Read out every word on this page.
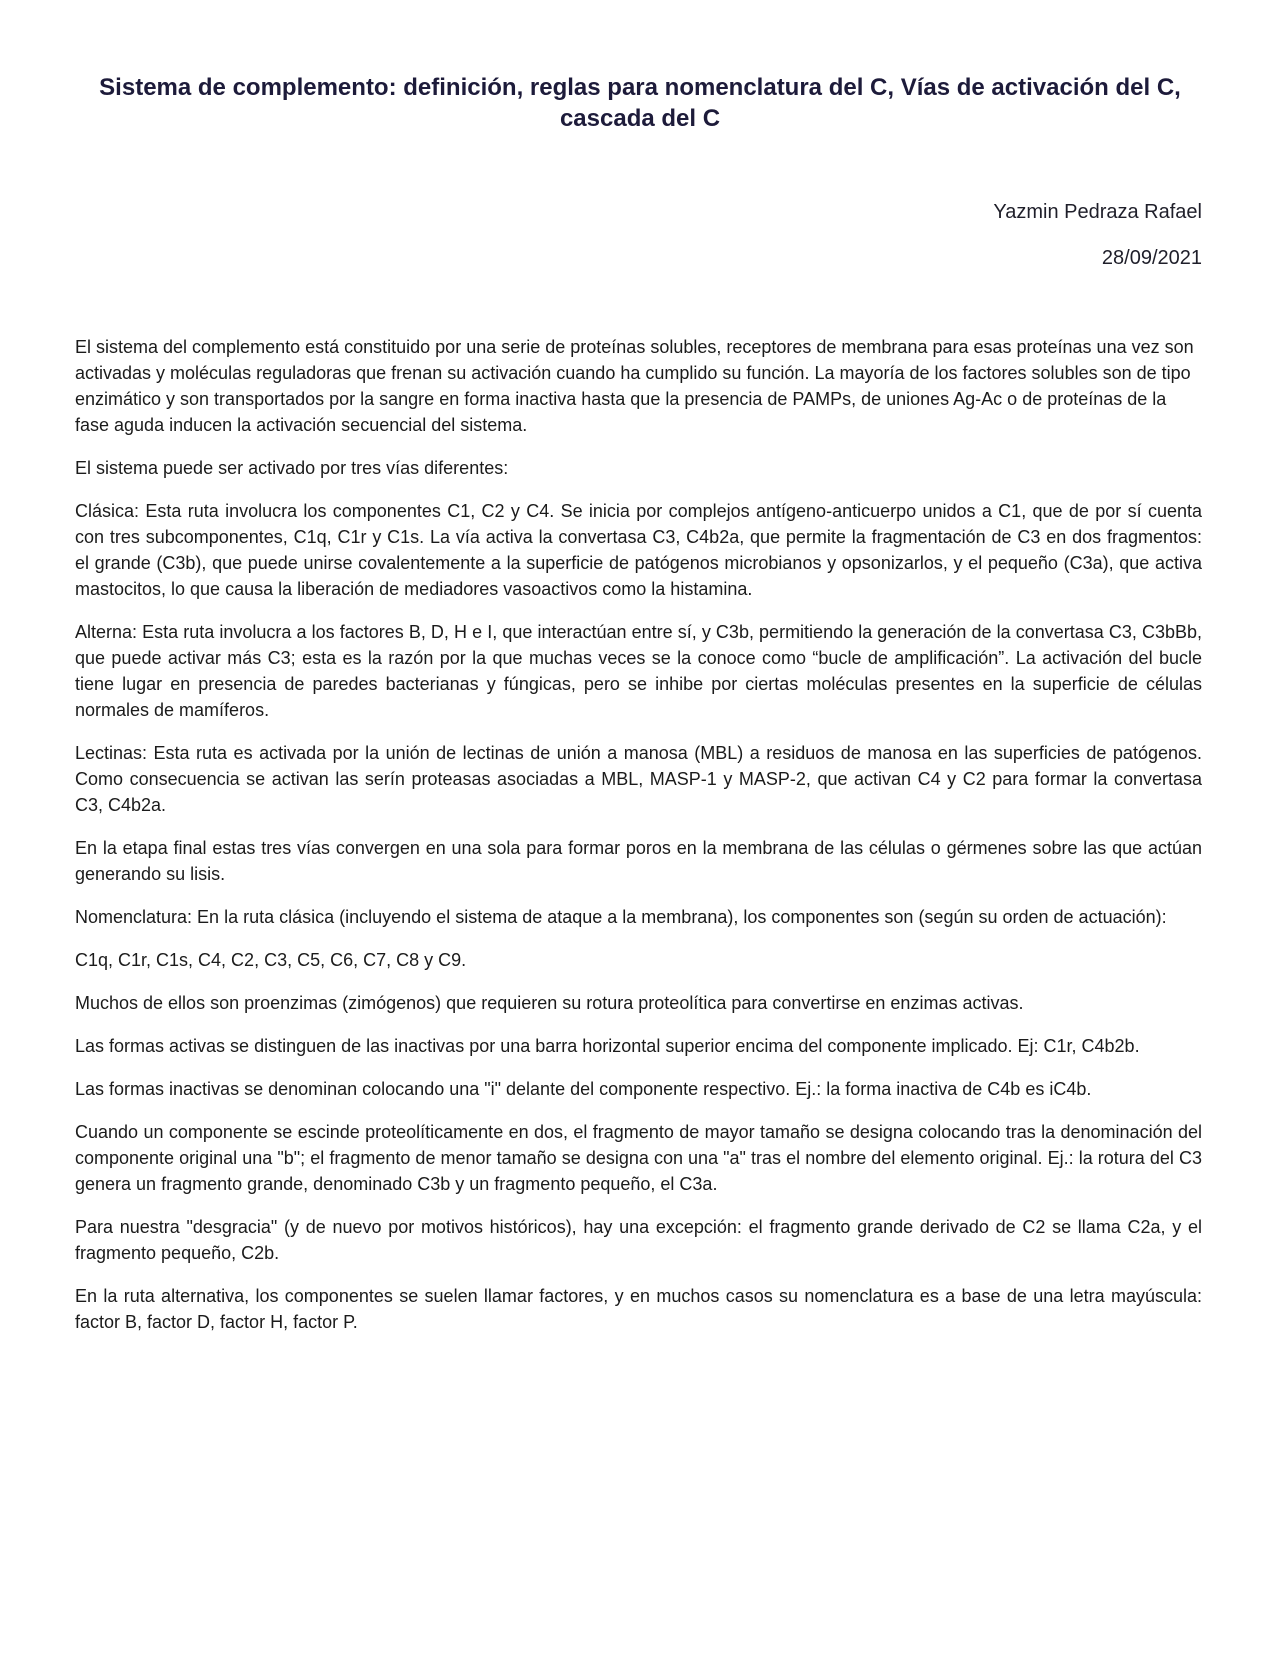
Sistema de complemento: definición, reglas para nomenclatura del C, Vías de activación del C, cascada del C
Yazmin Pedraza Rafael
28/09/2021

El sistema del complemento está constituido por una serie de proteínas solubles, receptores de membrana para esas proteínas una vez son activadas y moléculas reguladoras que frenan su activación cuando ha cumplido su función. La mayoría de los factores solubles son de tipo enzimático y son transportados por la sangre en forma inactiva hasta que la presencia de PAMPs, de uniones Ag-Ac o de proteínas de la fase aguda inducen la activación secuencial del sistema.

El sistema puede ser activado por tres vías diferentes:

Clásica: Esta ruta involucra los componentes C1, C2 y C4. Se inicia por complejos antígeno-anticuerpo unidos a C1, que de por sí cuenta con tres subcomponentes, C1q, C1r y C1s. La vía activa la convertasa C3, C4b2a, que permite la fragmentación de C3 en dos fragmentos: el grande (C3b), que puede unirse covalentemente a la superficie de patógenos microbianos y opsonizarlos, y el pequeño (C3a), que activa mastocitos, lo que causa la liberación de mediadores vasoactivos como la histamina.

Alterna: Esta ruta involucra a los factores B, D, H e I, que interactúan entre sí, y C3b, permitiendo la generación de la convertasa C3, C3bBb, que puede activar más C3; esta es la razón por la que muchas veces se la conoce como “bucle de amplificación”. La activación del bucle tiene lugar en presencia de paredes bacterianas y fúngicas, pero se inhibe por ciertas moléculas presentes en la superficie de células normales de mamíferos.

Lectinas: Esta ruta es activada por la unión de lectinas de unión a manosa (MBL) a residuos de manosa en las superficies de patógenos. Como consecuencia se activan las serín proteasas asociadas a MBL, MASP-1 y MASP-2, que activan C4 y C2 para formar la convertasa C3, C4b2a.

En la etapa final estas tres vías convergen en una sola para formar poros en la membrana de las células o gérmenes sobre las que actúan generando su lisis.

Nomenclatura: En la ruta clásica (incluyendo el sistema de ataque a la membrana), los componentes son (según su orden de actuación):

C1q, C1r, C1s, C4, C2, C3, C5, C6, C7, C8 y C9.

Muchos de ellos son proenzimas (zimógenos) que requieren su rotura proteolítica para convertirse en enzimas activas.

Las formas activas se distinguen de las inactivas por una barra horizontal superior encima del componente implicado. Ej: C1r, C4b2b.

Las formas inactivas se denominan colocando una "i" delante del componente respectivo. Ej.: la forma inactiva de C4b es iC4b.

Cuando un componente se escinde proteolíticamente en dos, el fragmento de mayor tamaño se designa colocando tras la denominación del componente original una "b"; el fragmento de menor tamaño se designa con una "a" tras el nombre del elemento original. Ej.: la rotura del C3 genera un fragmento grande, denominado C3b y un fragmento pequeño, el C3a.

Para nuestra "desgracia" (y de nuevo por motivos históricos), hay una excepción: el fragmento grande derivado de C2 se llama C2a, y el fragmento pequeño, C2b.

En la ruta alternativa, los componentes se suelen llamar factores, y en muchos casos su nomenclatura es a base de una letra mayúscula: factor B, factor D, factor H, factor P.
